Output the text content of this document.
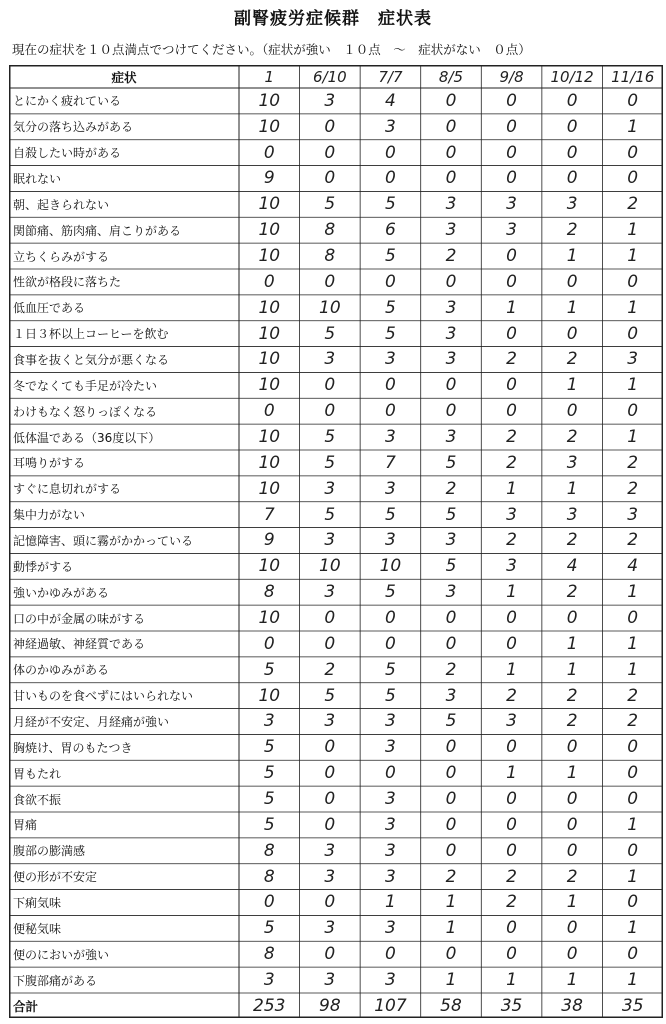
副腎疲労症候群　症状表
現在の症状を１０点満点でつけてください。（症状が強い　１０点　～　症状がない　０点）
症状	1	6/10	7/7	8/5	9/8	10/12	11/16
とにかく疲れている	10	3	4	0	0	0	0
気分の落ち込みがある	10	0	3	0	0	0	1
自殺したい時がある	0	0	0	0	0	0	0
眠れない	9	0	0	0	0	0	0
朝、起きられない	10	5	5	3	3	3	2
関節痛、筋肉痛、肩こりがある	10	8	6	3	3	2	1
立ちくらみがする	10	8	5	2	0	1	1
性欲が格段に落ちた	0	0	0	0	0	0	0
低血圧である	10	10	5	3	1	1	1
１日３杯以上コーヒーを飲む	10	5	5	3	0	0	0
食事を抜くと気分が悪くなる	10	3	3	3	2	2	3
冬でなくても手足が冷たい	10	0	0	0	0	1	1
わけもなく怒りっぽくなる	0	0	0	0	0	0	0
低体温である（36度以下）	10	5	3	3	2	2	1
耳鳴りがする	10	5	7	5	2	3	2
すぐに息切れがする	10	3	3	2	1	1	2
集中力がない	7	5	5	5	3	3	3
記憶障害、頭に霧がかかっている	9	3	3	3	2	2	2
動悸がする	10	10	10	5	3	4	4
強いかゆみがある	8	3	5	3	1	2	1
口の中が金属の味がする	10	0	0	0	0	0	0
神経過敏、神経質である	0	0	0	0	0	1	1
体のかゆみがある	5	2	5	2	1	1	1
甘いものを食べずにはいられない	10	5	5	3	2	2	2
月経が不安定、月経痛が強い	3	3	3	5	3	2	2
胸焼け、胃のもたつき	5	0	3	0	0	0	0
胃もたれ	5	0	0	0	1	1	0
食欲不振	5	0	3	0	0	0	0
胃痛	5	0	3	0	0	0	1
腹部の膨満感	8	3	3	0	0	0	0
便の形が不安定	8	3	3	2	2	2	1
下痢気味	0	0	1	1	2	1	0
便秘気味	5	3	3	1	0	0	1
便のにおいが強い	8	0	0	0	0	0	0
下腹部痛がある	3	3	3	1	1	1	1
合計	253	98	107	58	35	38	35
